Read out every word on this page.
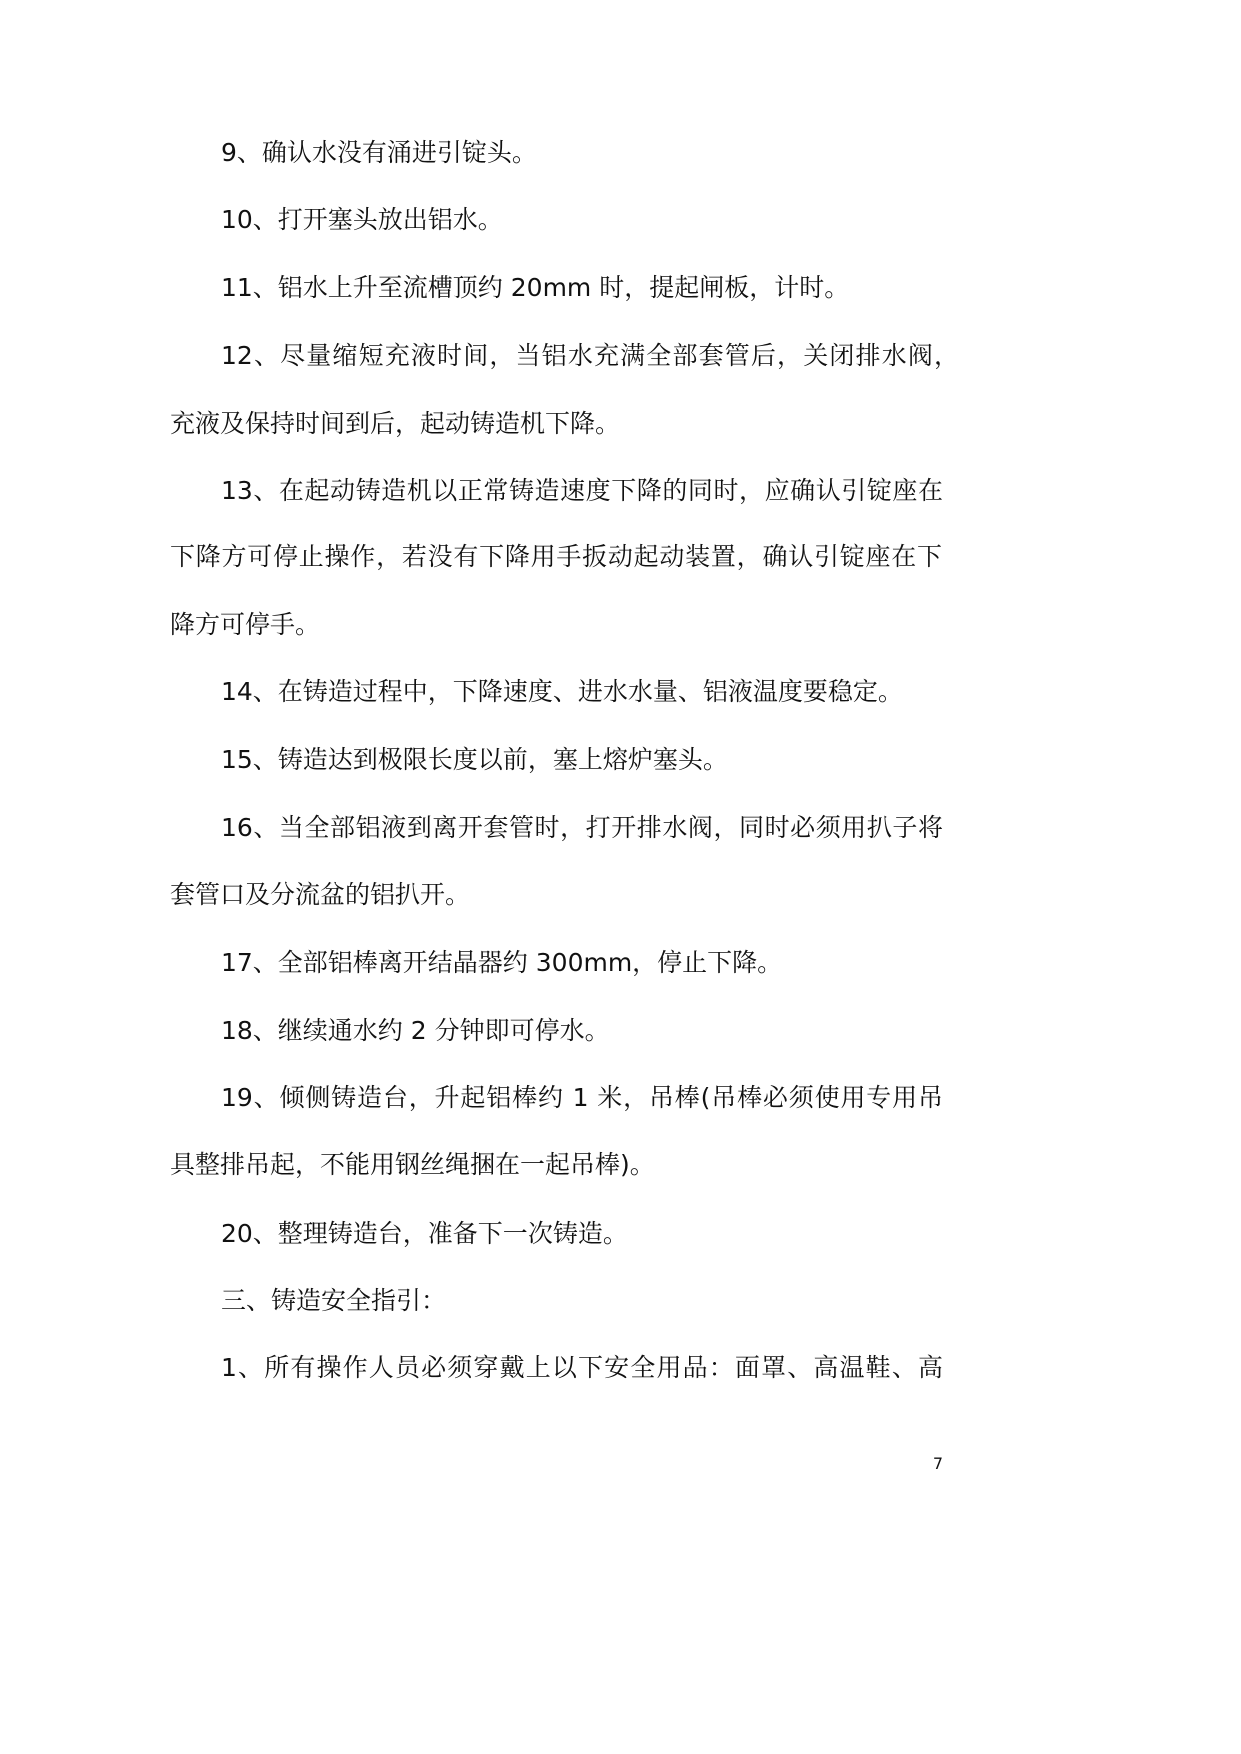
9、确认水没有涌进引锭头。
10、打开塞头放出铝水。
11、铝水上升至流槽顶约 20mm 时，提起闸板，计时。
12、尽量缩短充液时间，当铝水充满全部套管后，关闭排水阀，
充液及保持时间到后，起动铸造机下降。
13、在起动铸造机以正常铸造速度下降的同时，应确认引锭座在
下降方可停止操作，若没有下降用手扳动起动装置，确认引锭座在下
降方可停手。
14、在铸造过程中，下降速度、进水水量、铝液温度要稳定。
15、铸造达到极限长度以前，塞上熔炉塞头。
16、当全部铝液到离开套管时，打开排水阀，同时必须用扒子将
套管口及分流盆的铝扒开。
17、全部铝棒离开结晶器约 300mm，停止下降。
18、继续通水约 2 分钟即可停水。
19、倾侧铸造台，升起铝棒约 1 米，吊棒(吊棒必须使用专用吊
具整排吊起，不能用钢丝绳捆在一起吊棒)。
20、整理铸造台，准备下一次铸造。
三、铸造安全指引：
1、所有操作人员必须穿戴上以下安全用品：面罩、高温鞋、高
7
